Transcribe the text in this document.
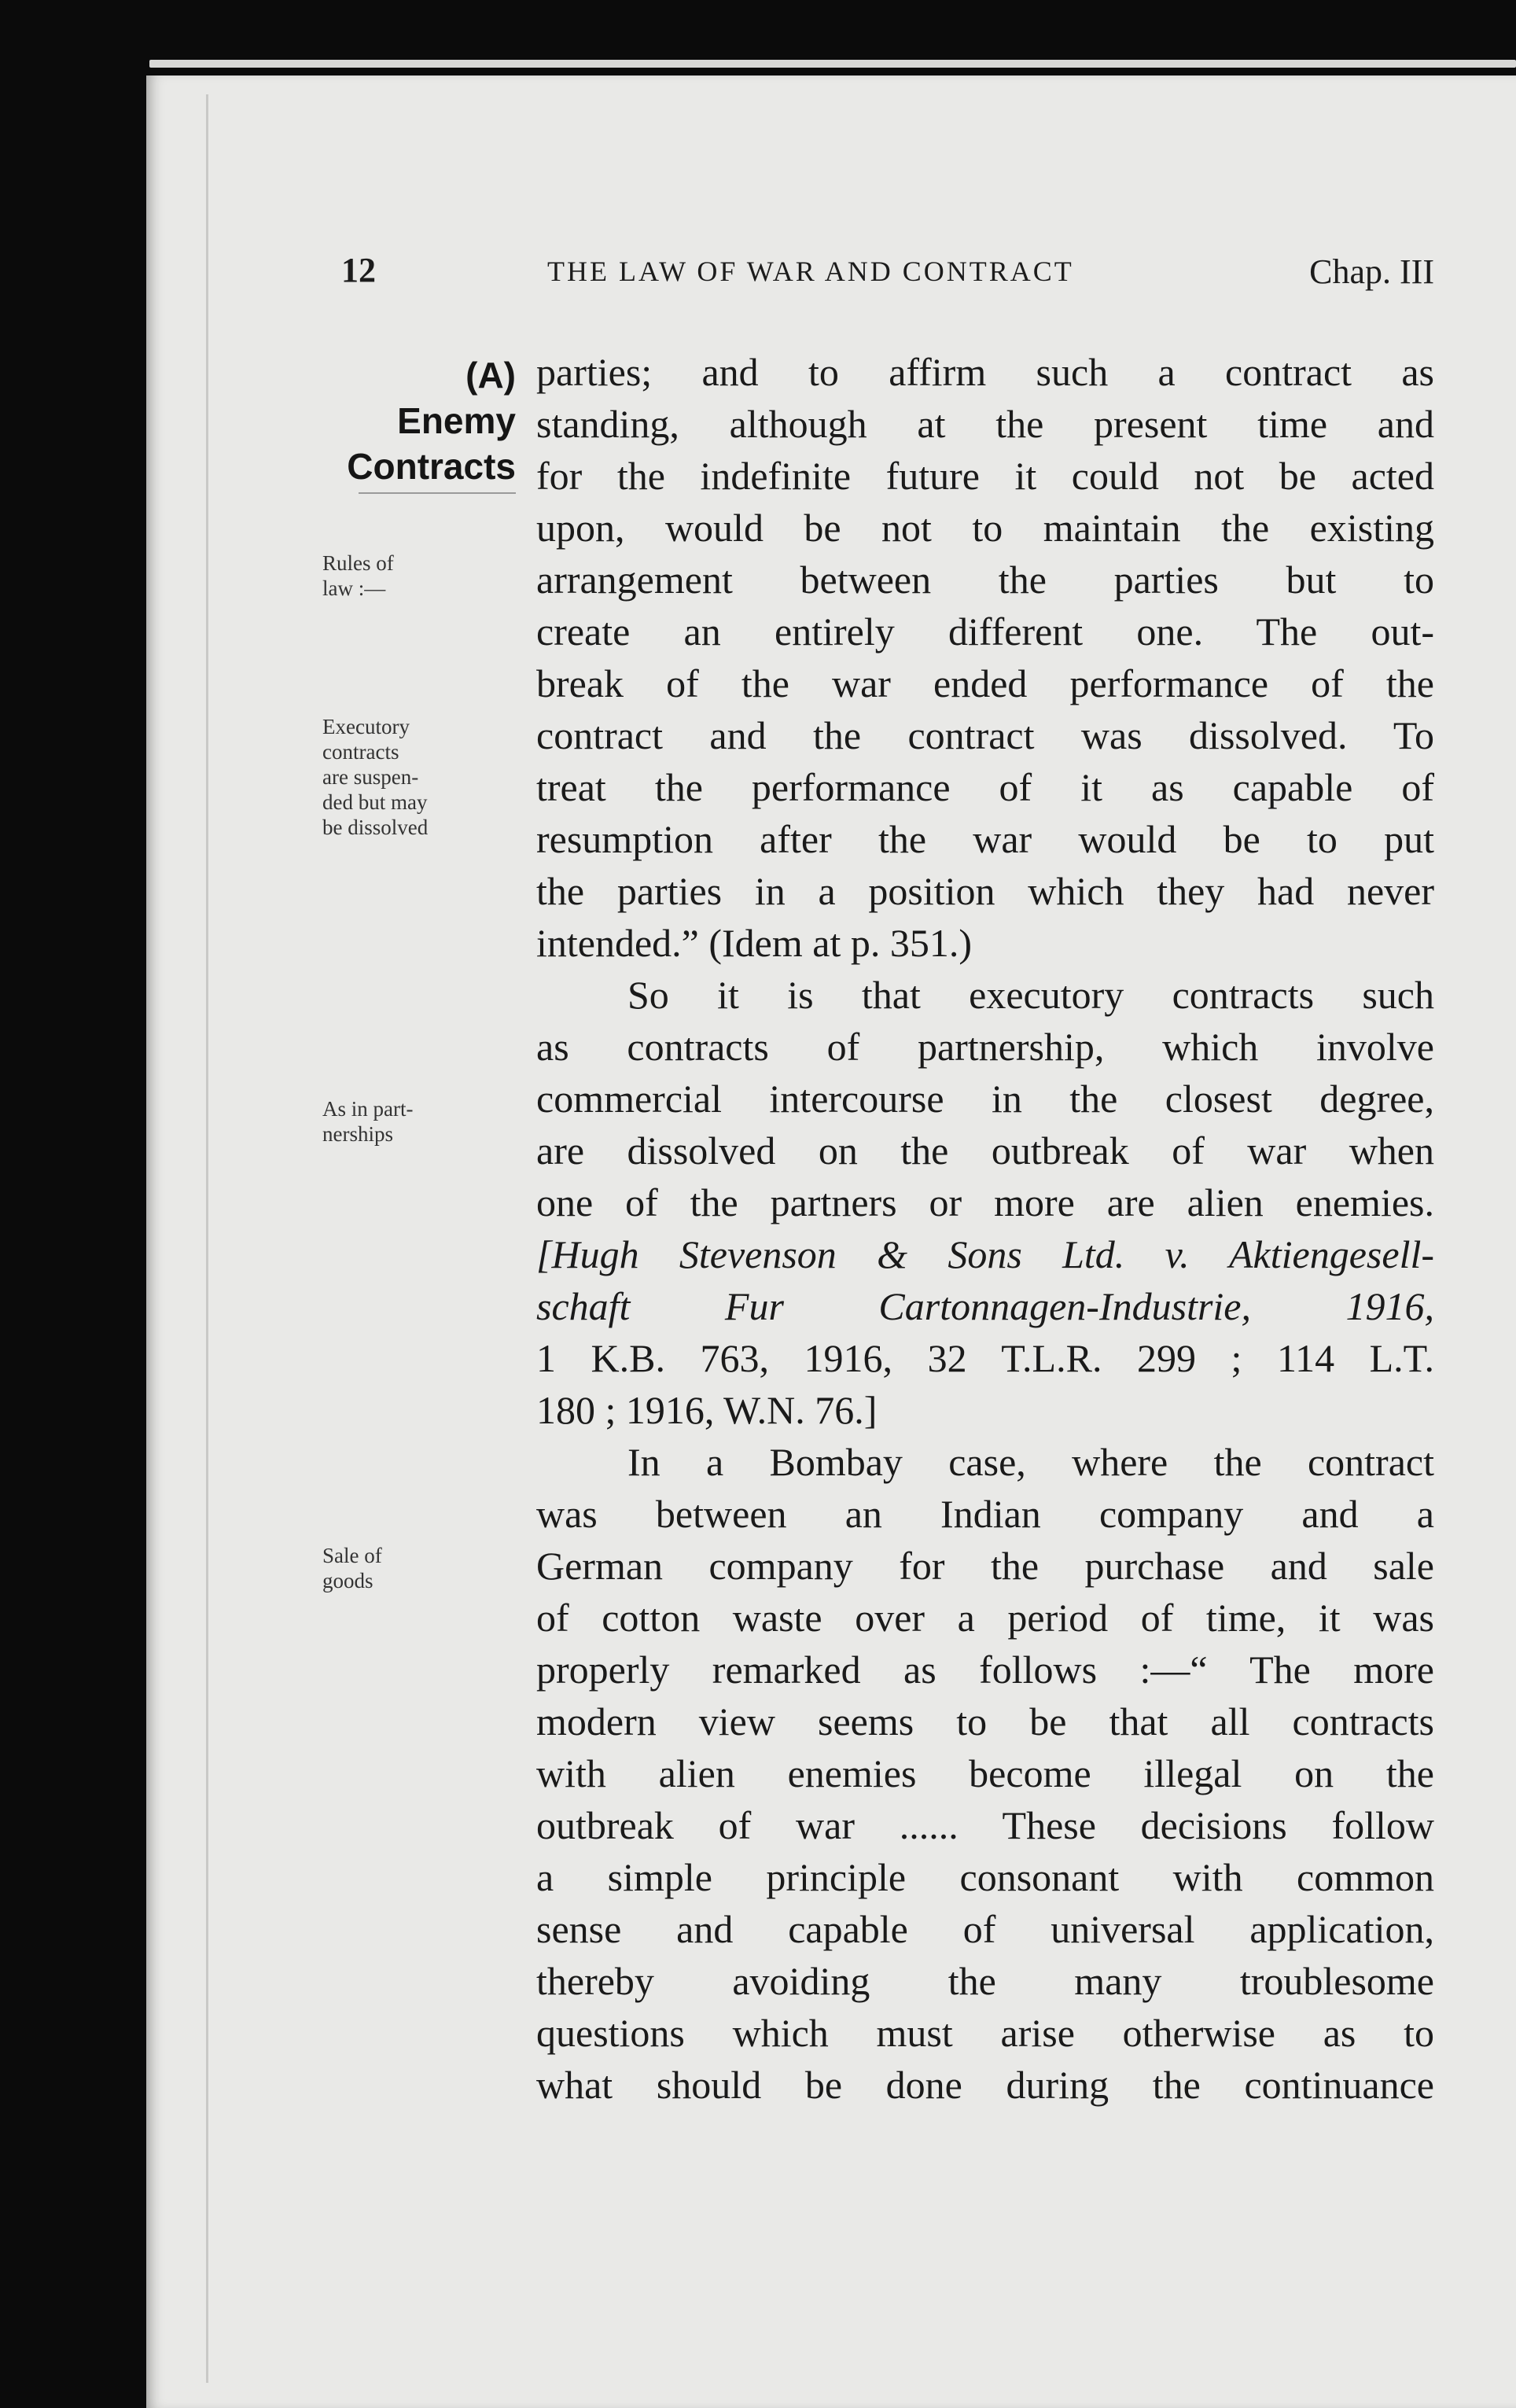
12	THE LAW OF WAR AND CONTRACT	Chap. III
(A)
Enemy
Contracts
Rules of
law :—
Executory
contracts
are suspen-
ded but may
be dissolved
As in part-
nerships
Sale of
goods

parties; and to affirm such a contract as
standing, although at the present time and
for the indefinite future it could not be acted
upon, would be not to maintain the existing
arrangement between the parties but to
create an entirely different one. The out-
break of the war ended performance of the
contract and the contract was dissolved. To
treat the performance of it as capable of
resumption after the war would be to put
the parties in a position which they had never
intended.” (Idem at p. 351.)

So it is that executory contracts such
as contracts of partnership, which involve
commercial intercourse in the closest degree,
are dissolved on the outbreak of war when
one of the partners or more are alien enemies.
[Hugh Stevenson & Sons Ltd. v. Aktiengesell-
schaft Fur Cartonnagen-Industrie, 1916,
1 K.B. 763, 1916, 32 T.L.R. 299 ; 114 L.T.
180 ; 1916, W.N. 76.]

In a Bombay case, where the contract
was between an Indian company and a
German company for the purchase and sale
of cotton waste over a period of time, it was
properly remarked as follows :—“ The more
modern view seems to be that all contracts
with alien enemies become illegal on the
outbreak of war ...... These decisions follow
a simple principle consonant with common
sense and capable of universal application,
thereby avoiding the many troublesome
questions which must arise otherwise as to
what should be done during the continuance
